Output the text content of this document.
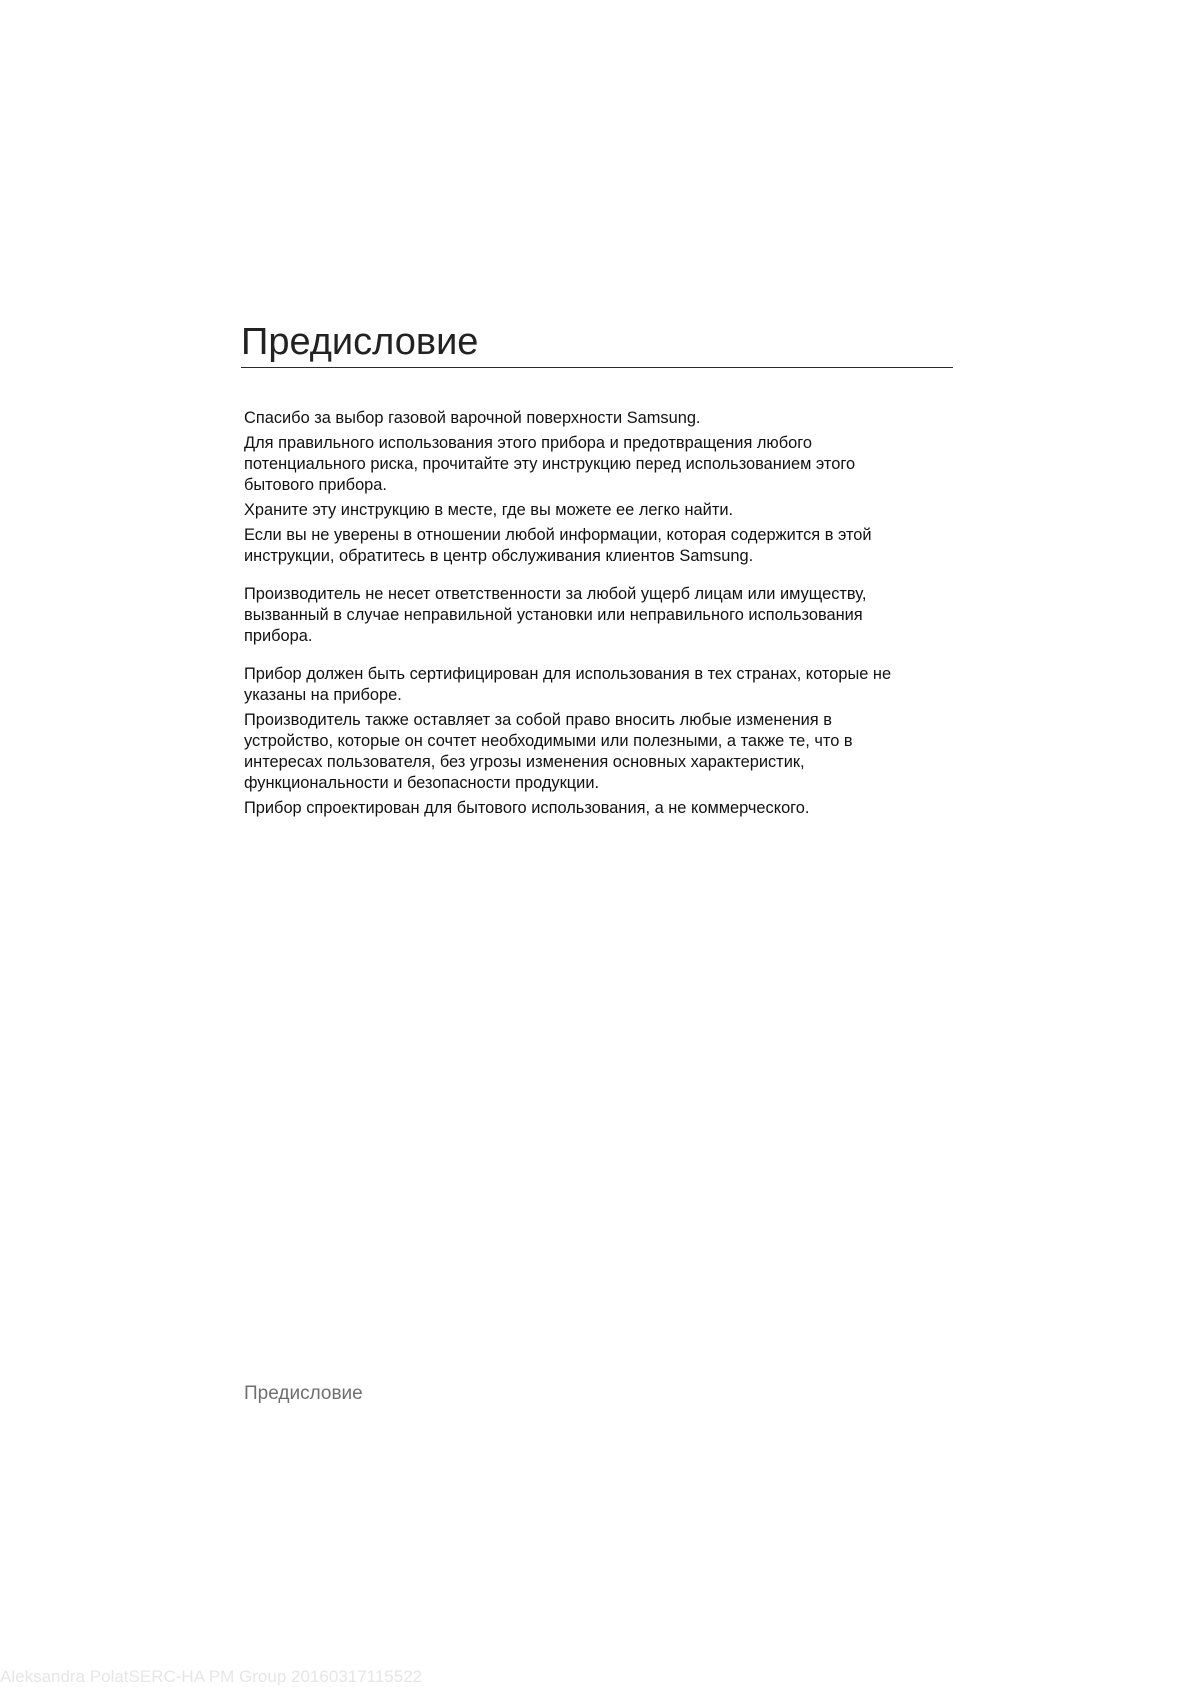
Предисловие

Спасибо за выбор газовой варочной поверхности Samsung.

Для правильного использования этого прибора и предотвращения любого
потенциального риска, прочитайте эту инструкцию перед использованием этого
бытового прибора.

Храните эту инструкцию в месте, где вы можете ее легко найти.

Если вы не уверены в отношении любой информации, которая содержится в этой
инструкции, обратитесь в центр обслуживания клиентов Samsung.

Производитель не несет ответственности за любой ущерб лицам или имуществу,
вызванный в случае неправильной установки или неправильного использования
прибора.

Прибор должен быть сертифицирован для использования в тех странах, которые не
указаны на приборе.

Производитель также оставляет за собой право вносить любые изменения в
устройство, которые он сочтет необходимыми или полезными, а также те, что в
интересах пользователя, без угрозы изменения основных характеристик,
функциональности и безопасности продукции.

Прибор спроектирован для бытового использования, а не коммерческого.

Предисловие
Aleksandra PolatSERC-HA PM Group 20160317115522
